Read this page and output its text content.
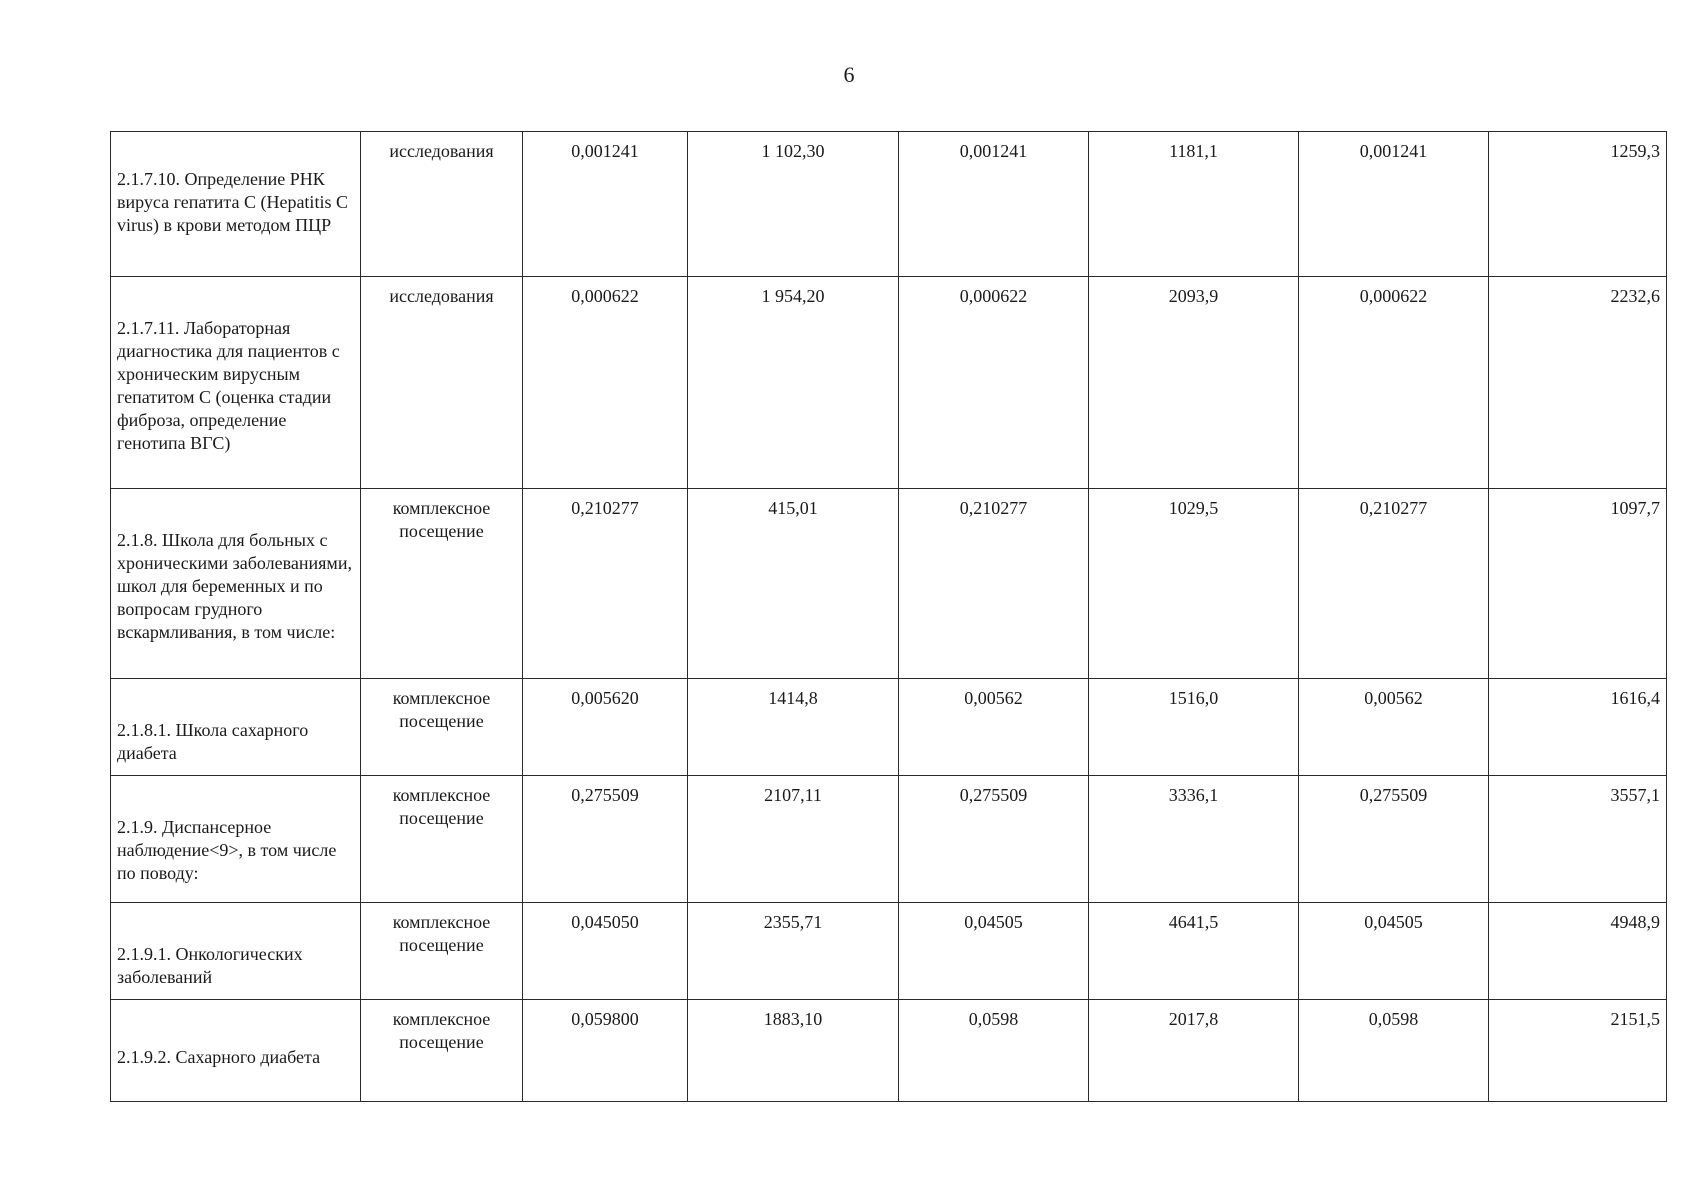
6
2.1.7.10. Определение РНК вируса гепатита С (Hepatitis C virus) в крови методом ПЦР	исследования	0,001241	1 102,30	0,001241	1181,1	0,001241	1259,3
2.1.7.11. Лабораторная диагностика для пациентов с хроническим вирусным гепатитом С (оценка стадии фиброза, определение генотипа ВГС)	исследования	0,000622	1 954,20	0,000622	2093,9	0,000622	2232,6
2.1.8. Школа для больных с хроническими заболеваниями, школ для беременных и по вопросам грудного вскармливания, в том числе:	комплексное посещение	0,210277	415,01	0,210277	1029,5	0,210277	1097,7
2.1.8.1. Школа сахарного диабета	комплексное посещение	0,005620	1414,8	0,00562	1516,0	0,00562	1616,4
2.1.9. Диспансерное наблюдение<9>, в том числе по поводу:	комплексное посещение	0,275509	2107,11	0,275509	3336,1	0,275509	3557,1
2.1.9.1. Онкологических заболеваний	комплексное посещение	0,045050	2355,71	0,04505	4641,5	0,04505	4948,9
2.1.9.2. Сахарного диабета	комплексное посещение	0,059800	1883,10	0,0598	2017,8	0,0598	2151,5
